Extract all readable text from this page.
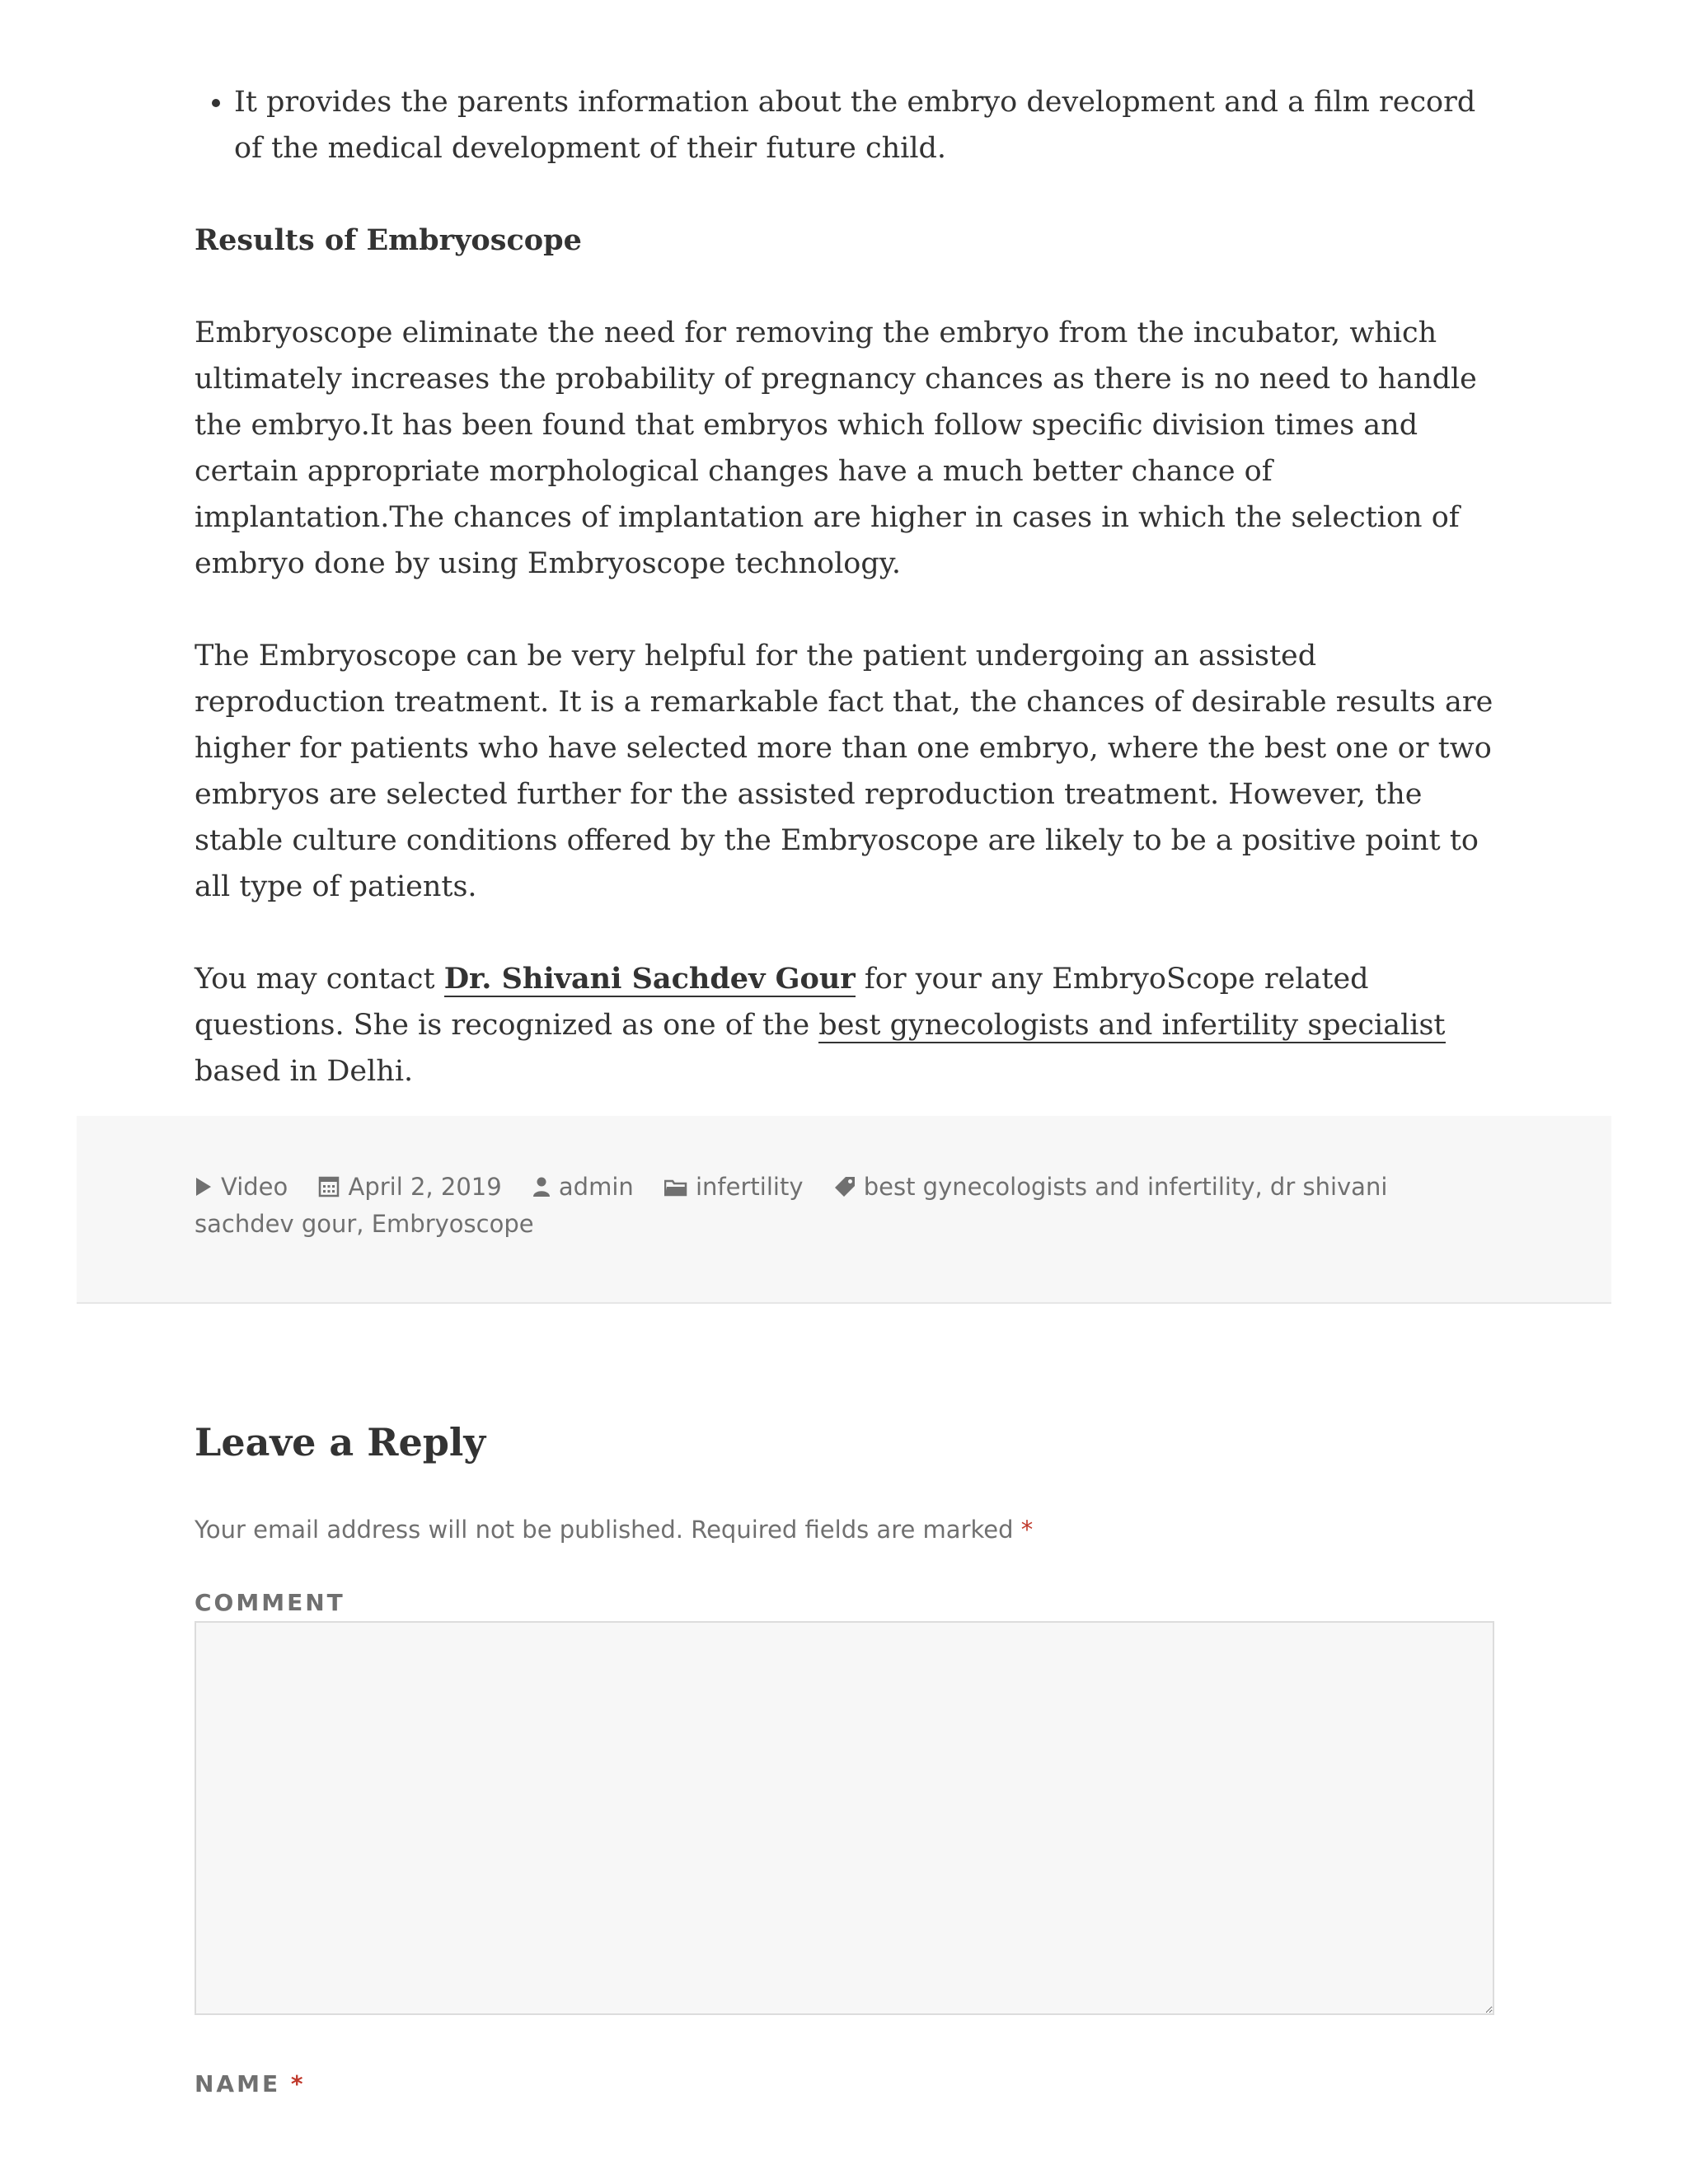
• It provides the parents information about the embryo development and a film record of the medical development of their future child.

Results of Embryoscope

Embryoscope eliminate the need for removing the embryo from the incubator, which ultimately increases the probability of pregnancy chances as there is no need to handle the embryo.It has been found that embryos which follow specific division times and certain appropriate morphological changes have a much better chance of implantation.The chances of implantation are higher in cases in which the selection of embryo done by using Embryoscope technology.

The Embryoscope can be very helpful for the patient undergoing an assisted reproduction treatment. It is a remarkable fact that, the chances of desirable results are higher for patients who have selected more than one embryo, where the best one or two embryos are selected further for the assisted reproduction treatment. However, the stable culture conditions offered by the Embryoscope are likely to be a positive point to all type of patients.

You may contact Dr. Shivani Sachdev Gour for your any EmbryoScope related questions. She is recognized as one of the best gynecologists and infertility specialist based in Delhi.

Video	April 2, 2019 admin	infertility	best gynecologists and infertility, dr shivani sachdev gour, Embryoscope
Leave a Reply

Your email address will not be published. Required fields are marked *

COMMENT
NAME *
